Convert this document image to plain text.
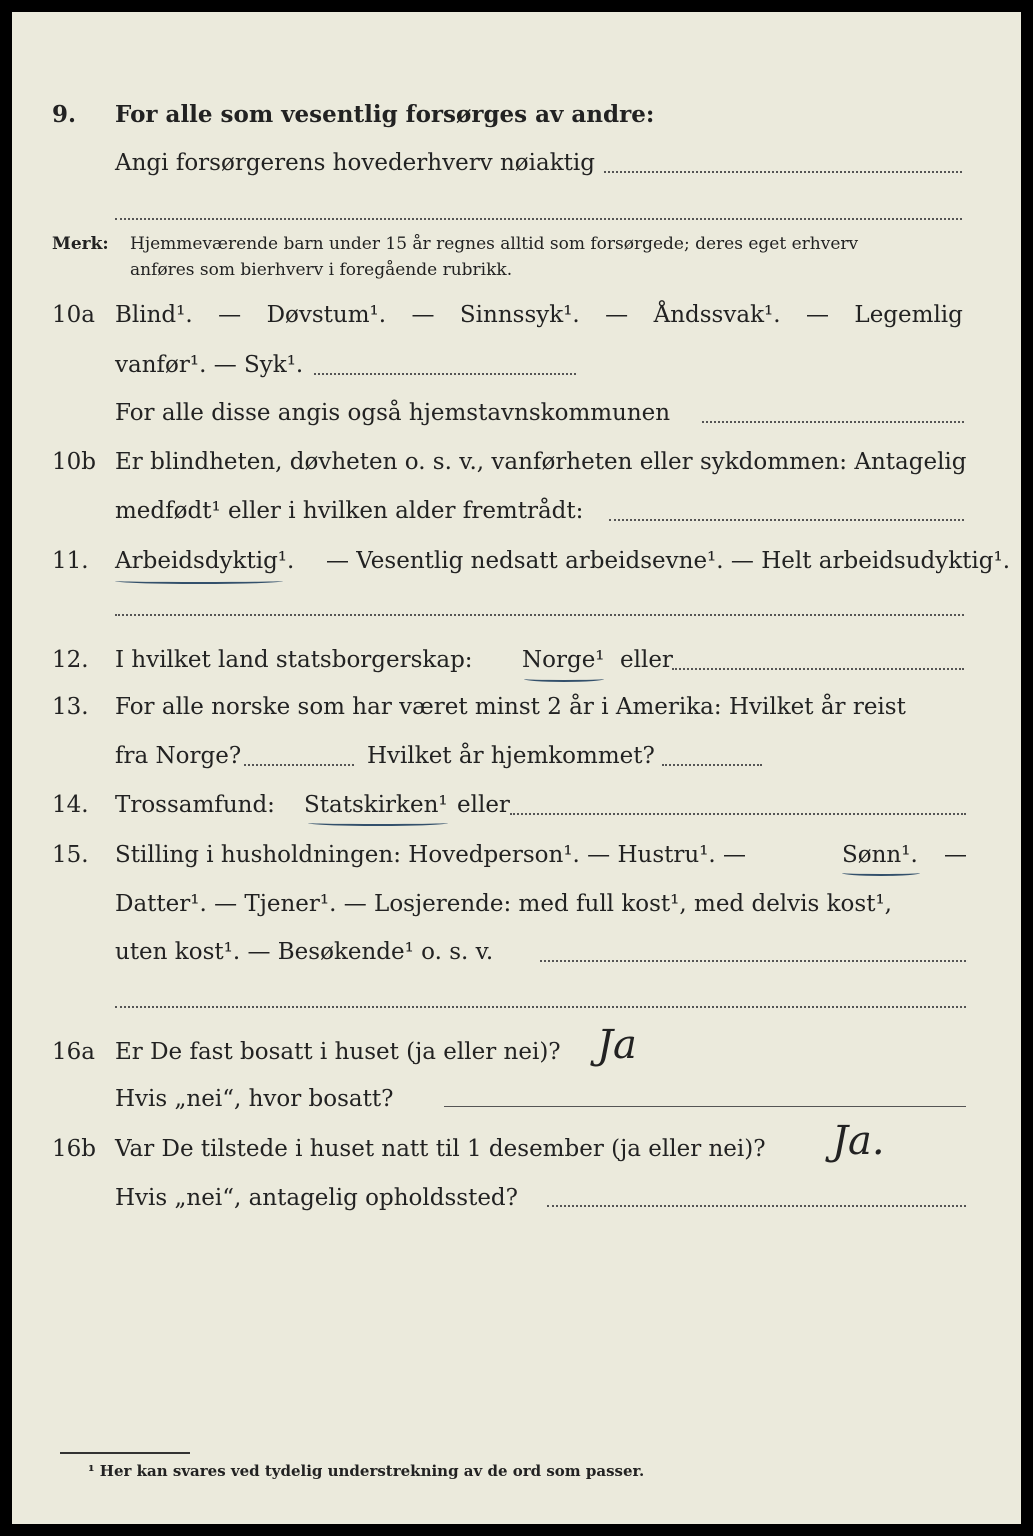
9. For alle som vesentlig forsørges av andre:
Angi forsørgerens hovederhverv nøiaktig
Merk: Hjemmeværende barn under 15 år regnes alltid som forsørgede; deres eget erhverv
anføres som bierhverv i foregående rubrikk.
10a Blind¹. — Døvstum¹. — Sinnssyk¹. — Åndssvak¹. — Legemlig
vanfør¹. — Syk¹.
For alle disse angis også hjemstavnskommunen
10b Er blindheten, døvheten o. s. v., vanførheten eller sykdommen: Antagelig
medfødt¹ eller i hvilken alder fremtrådt:
11. Arbeidsdyktig¹. — Vesentlig nedsatt arbeidsevne¹. — Helt arbeidsudyktig¹.
12. I hvilket land statsborgerskap: Norge¹ eller
13. For alle norske som har været minst 2 år i Amerika: Hvilket år reist
fra Norge?	Hvilket år hjemkommet?
14. Trossamfund: Statskirken¹ eller
15. Stilling i husholdningen: Hovedperson¹. — Hustru¹. —	Sønn¹. —
Datter¹. — Tjener¹. — Losjerende: med full kost¹, med delvis kost¹,
uten kost¹. — Besøkende¹ o. s. v.
16a Er De fast bosatt i huset (ja eller nei)? Ja
Hvis „nei“, hvor bosatt?
16b Var De tilstede i huset natt til 1 desember (ja eller nei)? Ja.
Hvis „nei“, antagelig opholdssted?
¹ Her kan svares ved tydelig understrekning av de ord som passer.
